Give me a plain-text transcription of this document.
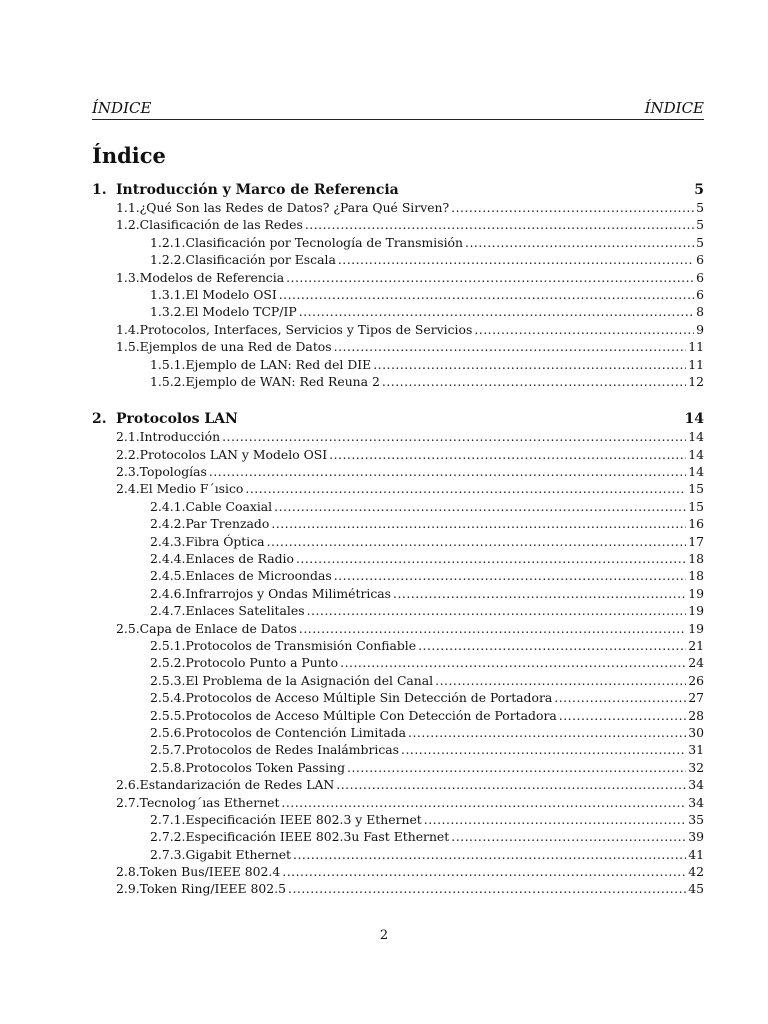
ÍNDICE	ÍNDICE
Índice
1. Introducción y Marco de Referencia	5
1.1. ¿Qué Son las Redes de Datos? ¿Para Qué Sirven? .....	5
1.2. Clasificación de las Redes .....	5
1.2.1. Clasificación por Tecnología de Transmisión .....	5
1.2.2. Clasificación por Escala .....	6
1.3. Modelos de Referencia .....	6
1.3.1. El Modelo OSI .....	6
1.3.2. El Modelo TCP/IP .....	8
1.4. Protocolos, Interfaces, Servicios y Tipos de Servicios .....	9
1.5. Ejemplos de una Red de Datos .....	11
1.5.1. Ejemplo de LAN: Red del DIE .....	11
1.5.2. Ejemplo de WAN: Red Reuna 2 .....	12
2. Protocolos LAN	14
2.1. Introducción .....	14
2.2. Protocolos LAN y Modelo OSI .....	14
2.3. Topologías .....	14
2.4. El Medio F´ısico .....	15
2.4.1. Cable Coaxial .....	15
2.4.2. Par Trenzado .....	16
2.4.3. Fibra Óptica .....	17
2.4.4. Enlaces de Radio .....	18
2.4.5. Enlaces de Microondas .....	18
2.4.6. Infrarrojos y Ondas Milimétricas .....	19
2.4.7. Enlaces Satelitales .....	19
2.5. Capa de Enlace de Datos .....	19
2.5.1. Protocolos de Transmisión Confiable .....	21
2.5.2. Protocolo Punto a Punto .....	24
2.5.3. El Problema de la Asignación del Canal .....	26
2.5.4. Protocolos de Acceso Múltiple Sin Detección de Portadora .....	27
2.5.5. Protocolos de Acceso Múltiple Con Detección de Portadora .....	28
2.5.6. Protocolos de Contención Limitada .....	30
2.5.7. Protocolos de Redes Inalámbricas .....	31
2.5.8. Protocolos Token Passing .....	32
2.6. Estandarización de Redes LAN .....	34
2.7. Tecnolog´ıas Ethernet .....	34
2.7.1. Especificación IEEE 802.3 y Ethernet .....	35
2.7.2. Especificación IEEE 802.3u Fast Ethernet .....	39
2.7.3. Gigabit Ethernet .....	41
2.8. Token Bus/IEEE 802.4 .....	42
2.9. Token Ring/IEEE 802.5 .....	45
2
